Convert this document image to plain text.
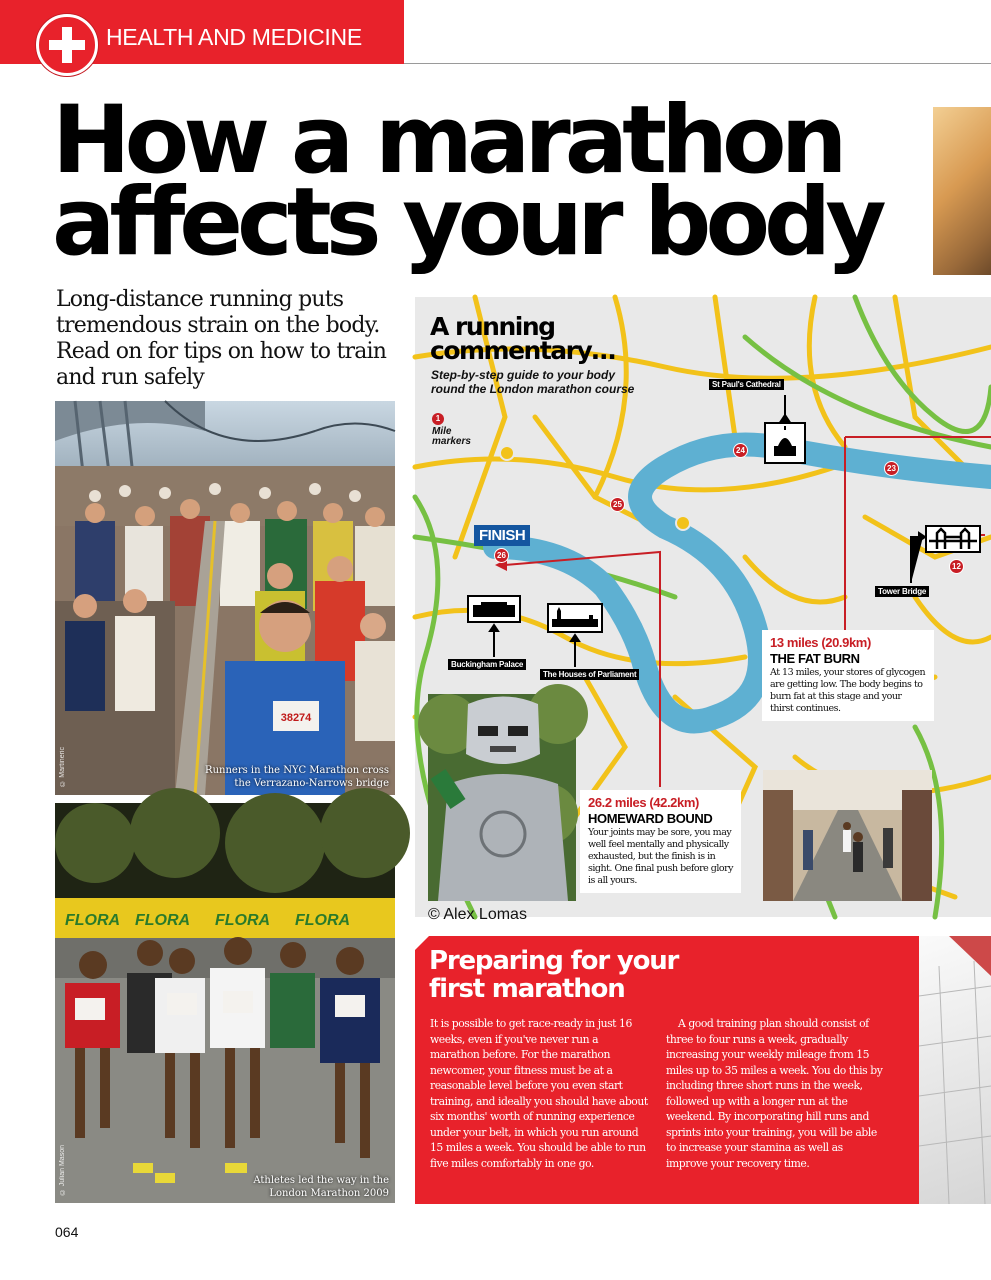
HEALTH AND MEDICINE
How a marathon
affects your body

Long-distance running puts tremendous strain on the body. Read on for tips on how to train and run safely

38274
Runners in the NYC Marathon cross
the Verrazano-Narrows bridge
© Martineric
FLORA FLORA FLORA FLORA
Athletes led the way in the
London Marathon 2009
© Julian Mason
A running
commentary…
Step-by-step guide to your body
round the London marathon course
1
Mile
markers
FINISH
12
23
24
25
26
St Paul's Cathedral
Tower Bridge
Buckingham Palace
The Houses of Parliament
13 miles (20.9km)
THE FAT BURN
At 13 miles, your stores of glycogen are getting low. The body begins to burn fat at this stage and your thirst continues.
© Alex Lomas
26.2 miles (42.2km)
HOMEWARD BOUND
Your joints may be sore, you may well feel mentally and physically exhausted, but the finish is in sight. One final push before glory is all yours.
Preparing for your
first marathon

It is possible to get race-ready in just 16 weeks, even if you've never run a marathon before. For the marathon newcomer, your fitness must be at a reasonable level before you even start training, and ideally you should have about six months' worth of running experience under your belt, in which you run around 15 miles a week. You should be able to run five miles comfortably in one go.

A good training plan should consist of three to four runs a week, gradually increasing your weekly mileage from 15 miles up to 35 miles a week. You do this by including three short runs in the week, followed up with a longer run at the weekend. By incorporating hill runs and sprints into your training, you will be able to increase your stamina as well as improve your recovery time.

064
